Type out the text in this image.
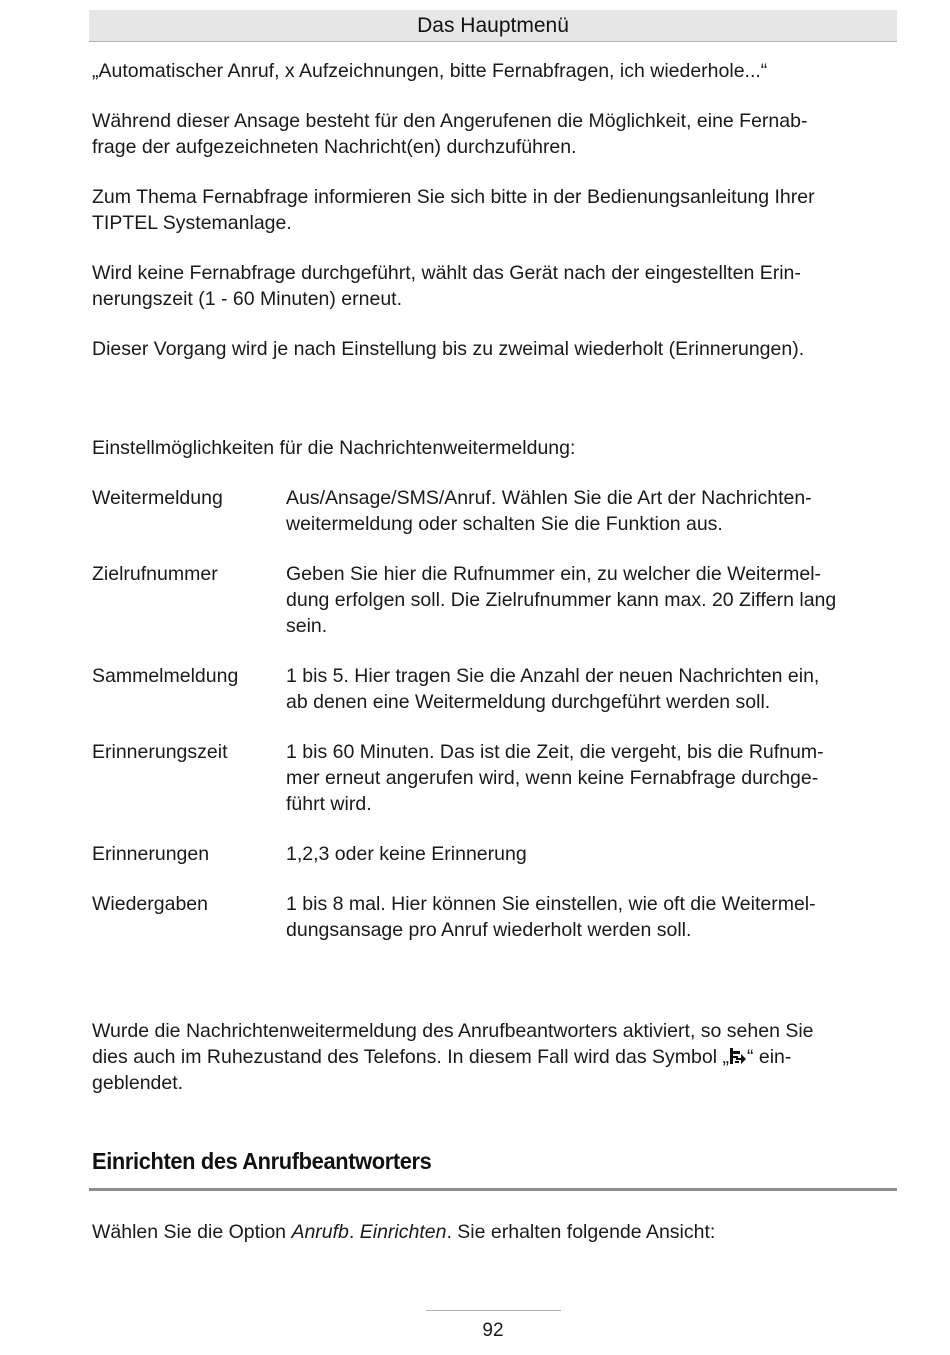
Das Hauptmenü

„Automatischer Anruf, x Aufzeichnungen, bitte Fernabfragen, ich wiederhole...“

Während dieser Ansage besteht für den Angerufenen die Möglichkeit, eine Fernab-
frage der aufgezeichneten Nachricht(en) durchzuführen.

Zum Thema Fernabfrage informieren Sie sich bitte in der Bedienungsanleitung Ihrer
TIPTEL Systemanlage.

Wird keine Fernabfrage durchgeführt, wählt das Gerät nach der eingestellten Erin-
nerungszeit (1 - 60 Minuten) erneut.

Dieser Vorgang wird je nach Einstellung bis zu zweimal wiederholt (Erinnerungen).

Einstellmöglichkeiten für die Nachrichtenweitermeldung:

Weitermeldung	Aus/Ansage/SMS/Anruf. Wählen Sie die Art der Nachrichten-
weitermeldung oder schalten Sie die Funktion aus.
Zielrufnummer	Geben Sie hier die Rufnummer ein, zu welcher die Weitermel-
dung erfolgen soll. Die Zielrufnummer kann max. 20 Ziffern lang
sein.
Sammelmeldung	1 bis 5. Hier tragen Sie die Anzahl der neuen Nachrichten ein,
ab denen eine Weitermeldung durchgeführt werden soll.
Erinnerungszeit	1 bis 60 Minuten. Das ist die Zeit, die vergeht, bis die Rufnum-
mer erneut angerufen wird, wenn keine Fernabfrage durchge-
führt wird.
Erinnerungen	1,2,3 oder keine Erinnerung
Wiedergaben	1 bis 8 mal. Hier können Sie einstellen, wie oft die Weitermel-
dungsansage pro Anruf wiederholt werden soll.

Wurde die Nachrichtenweitermeldung des Anrufbeantworters aktiviert, so sehen Sie
dies auch im Ruhezustand des Telefons. In diesem Fall wird das Symbol „ “ ein-
geblendet.

Einrichten des Anrufbeantworters

Wählen Sie die Option Anrufb. Einrichten. Sie erhalten folgende Ansicht:

92
